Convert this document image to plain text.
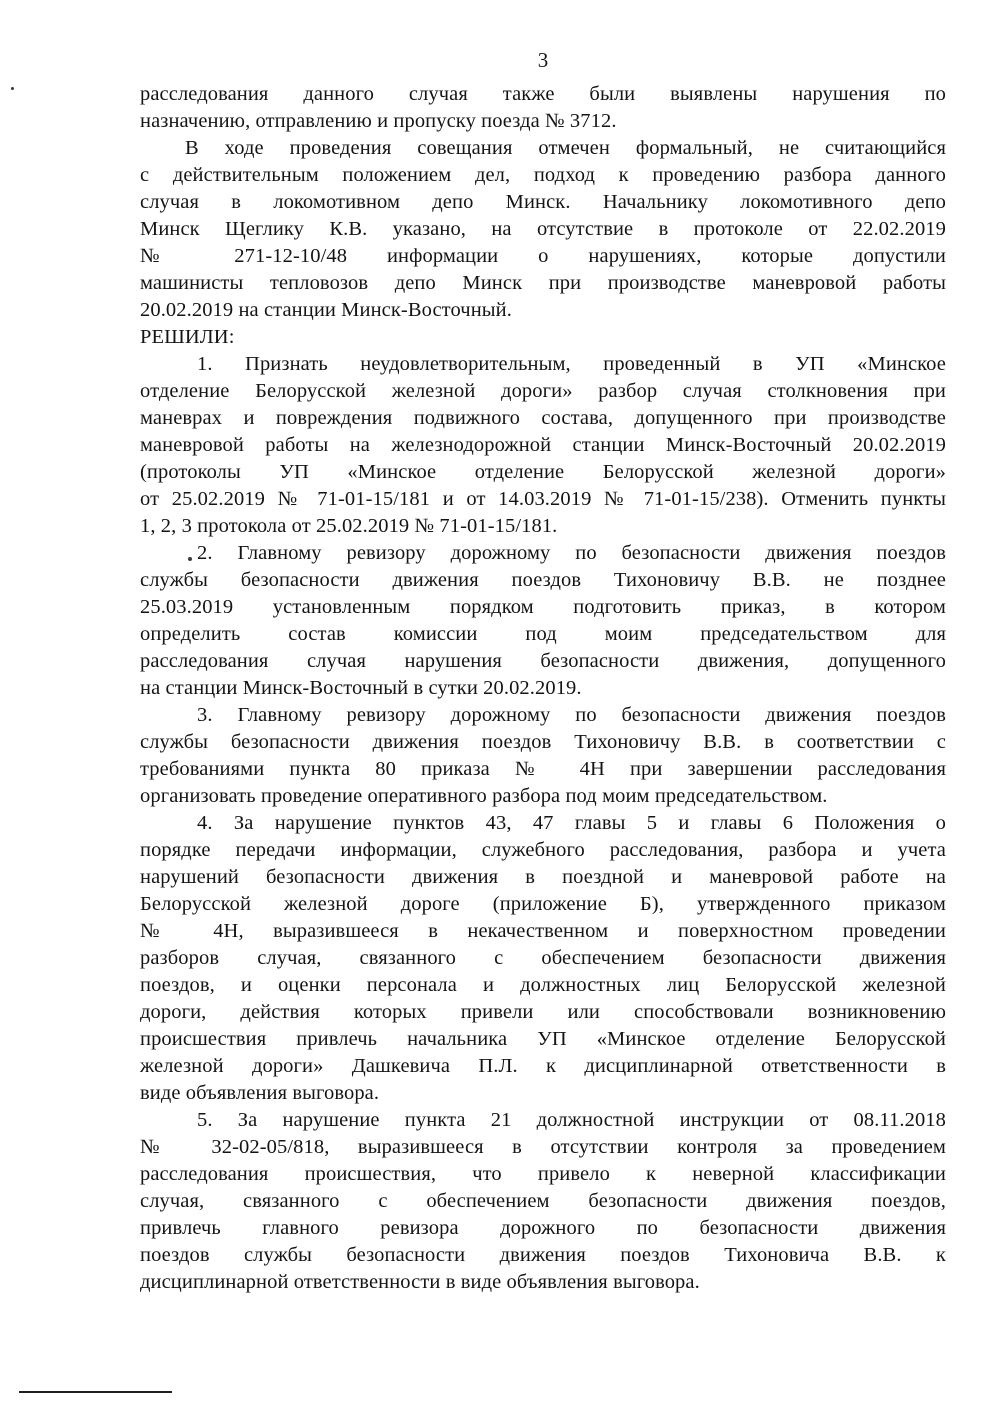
3

расследования данного случая также были выявлены нарушения по
назначению, отправлению и пропуску поезда № 3712.

В ходе проведения совещания отмечен формальный, не считающийся
с действительным положением дел, подход к проведению разбора данного
случая в локомотивном депо Минск. Начальнику локомотивного депо
Минск Щеглику К.В. указано, на отсутствие в протоколе от 22.02.2019
№ 271-12-10/48 информации о нарушениях, которые допустили
машинисты тепловозов депо Минск при производстве маневровой работы
20.02.2019 на станции Минск-Восточный.

РЕШИЛИ:

1. Признать неудовлетворительным, проведенный в УП «Минское
отделение Белорусской железной дороги» разбор случая столкновения при
маневрах и повреждения подвижного состава, допущенного при производстве
маневровой работы на железнодорожной станции Минск-Восточный 20.02.2019
(протоколы УП «Минское отделение Белорусской железной дороги»
от 25.02.2019 № 71-01-15/181 и от 14.03.2019 № 71-01-15/238). Отменить пункты
1, 2, 3 протокола от 25.02.2019 № 71-01-15/181.

2. Главному ревизору дорожному по безопасности движения поездов
службы безопасности движения поездов Тихоновичу В.В. не позднее
25.03.2019 установленным порядком подготовить приказ, в котором
определить состав комиссии под моим председательством для
расследования случая нарушения безопасности движения, допущенного
на станции Минск-Восточный в сутки 20.02.2019.

3. Главному ревизору дорожному по безопасности движения поездов
службы безопасности движения поездов Тихоновичу В.В. в соответствии с
требованиями пункта 80 приказа № 4Н при завершении расследования
организовать проведение оперативного разбора под моим председательством.

4. За нарушение пунктов 43, 47 главы 5 и главы 6 Положения о
порядке передачи информации, служебного расследования, разбора и учета
нарушений безопасности движения в поездной и маневровой работе на
Белорусской железной дороге (приложение Б), утвержденного приказом
№ 4Н, выразившееся в некачественном и поверхностном проведении
разборов случая, связанного с обеспечением безопасности движения
поездов, и оценки персонала и должностных лиц Белорусской железной
дороги, действия которых привели или способствовали возникновению
происшествия привлечь начальника УП «Минское отделение Белорусской
железной дороги» Дашкевича П.Л. к дисциплинарной ответственности в
виде объявления выговора.

5. За нарушение пункта 21 должностной инструкции от 08.11.2018
№ 32-02-05/818, выразившееся в отсутствии контроля за проведением
расследования происшествия, что привело к неверной классификации
случая, связанного с обеспечением безопасности движения поездов,
привлечь главного ревизора дорожного по безопасности движения
поездов службы безопасности движения поездов Тихоновича В.В. к
дисциплинарной ответственности в виде объявления выговора.
